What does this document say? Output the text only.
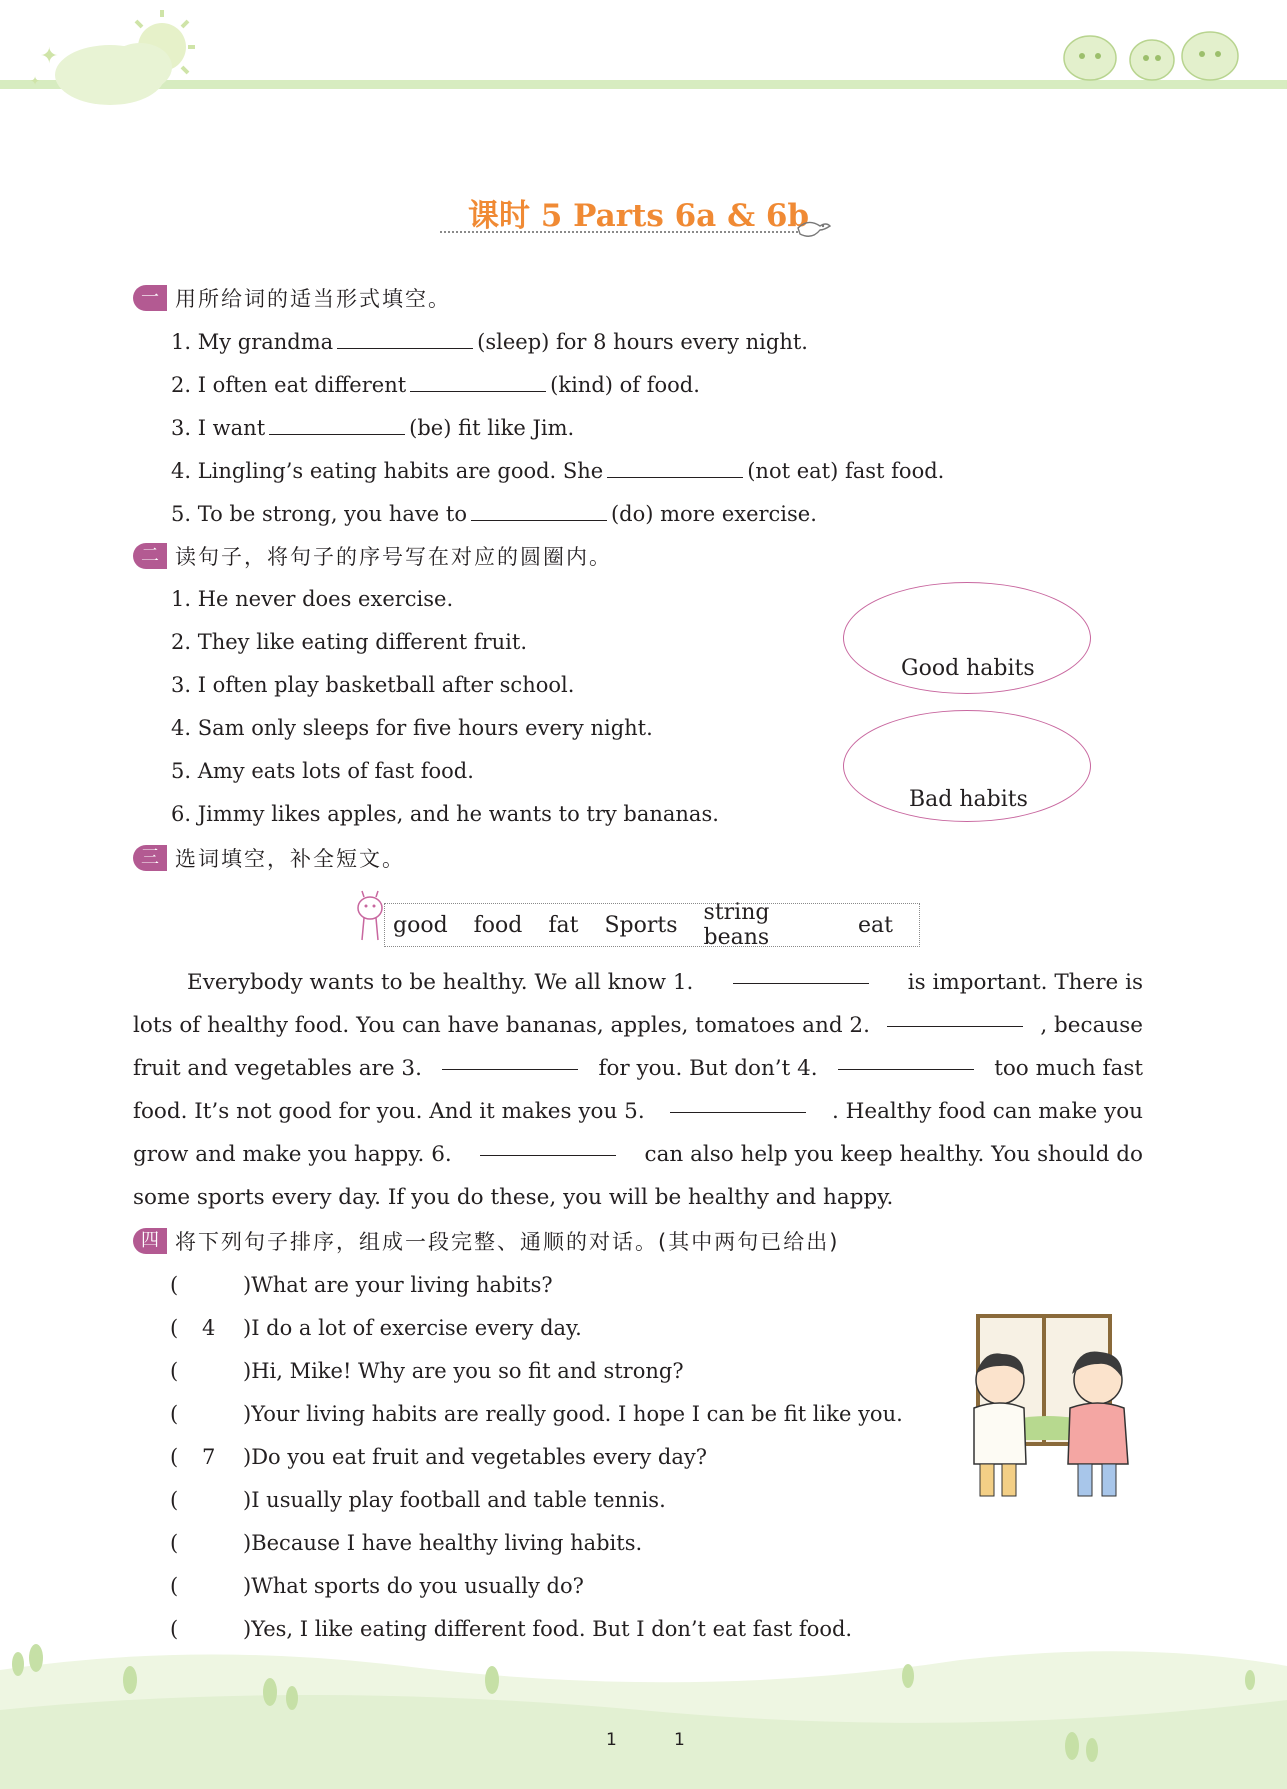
✦
✦
课时 5 Parts 6a & 6b
一 用所给词的适当形式填空。
1. My grandma	(sleep) for 8 hours every night.
2. I often eat different	(kind) of food.
3. I want	(be) fit like Jim.
4. Lingling’s eating habits are good. She	(not eat) fast food.
5. To be strong, you have to	(do) more exercise.
二 读句子，将句子的序号写在对应的圆圈内。
1. He never does exercise.
2. They like eating different fruit.
3. I often play basketball after school.
4. Sam only sleeps for five hours every night.
5. Amy eats lots of fast food.
6. Jimmy likes apples, and he wants to try bananas.
Good habits
Bad habits
三 选词填空，补全短文。
good food fat Sports string beans	eat
Everybody wants to be healthy. We all know 1.	is important. There is
lots of healthy food. You can have bananas, apples, tomatoes and 2.	, because
fruit and vegetables are 3.	for you. But don’t 4.	too much fast
food. It’s not good for you. And it makes you 5.	. Healthy food can make you
grow and make you happy. 6.	can also help you keep healthy. You should do
some sports every day. If you do these, you will be healthy and happy.
四 将下列句子排序，组成一段完整、通顺的对话。(其中两句已给出)
(	)What are your living habits?
( 4 )I do a lot of exercise every day.
(	)Hi, Mike! Why are you so fit and strong?
(	)Your living habits are really good. I hope I can be fit like you.
( 7 )Do you eat fruit and vegetables every day?
(	)I usually play football and table tennis.
(	)Because I have healthy living habits.
(	)What sports do you usually do?
(	)Yes, I like eating different food. But I don’t eat fast food.
1	1
